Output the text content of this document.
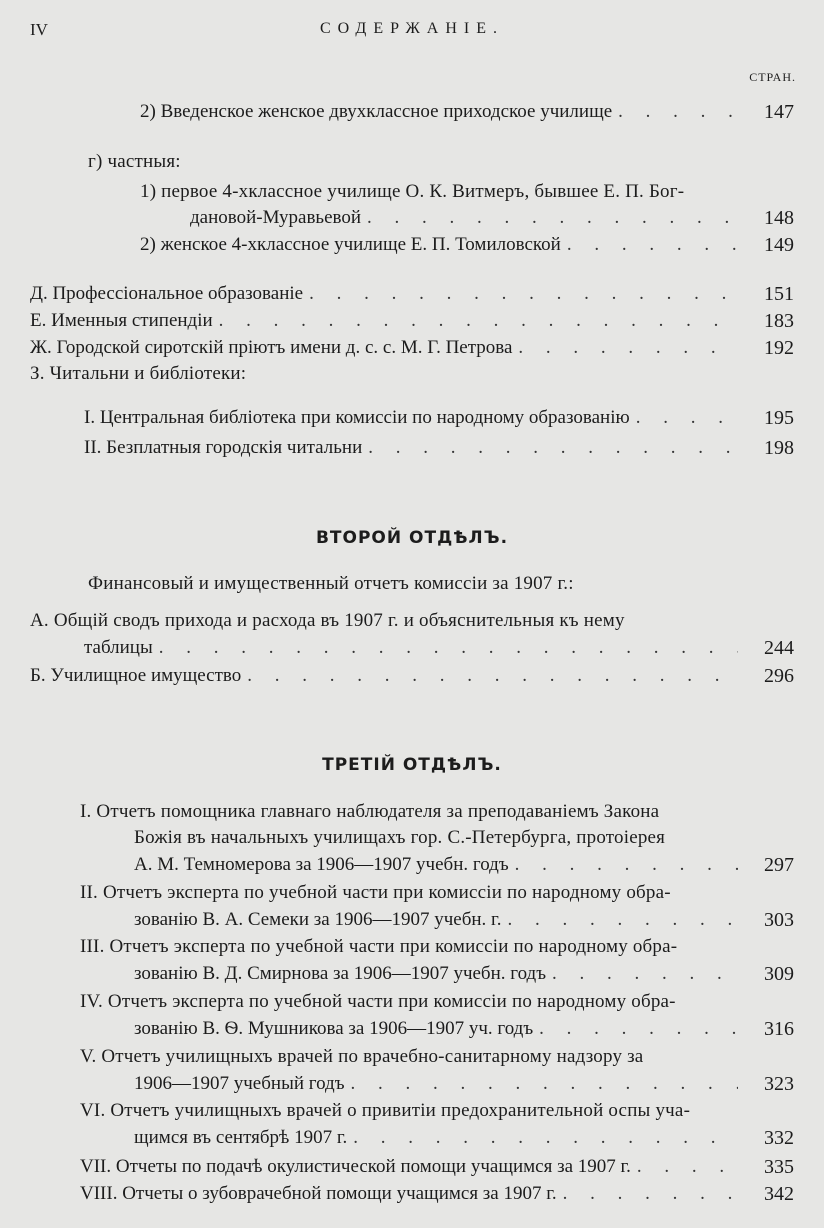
IV	СОДЕРЖАНІЕ.
СТРАН.
2) Введенское женское двухклассное приходское училище . . .	147
г) частныя:
1) первое 4-хклассное училище О. К. Витмеръ, бывшее Е. П. Бог-
дановой-Муравьевой . . .	148
2) женское 4-хклассное училище Е. П. Томиловской . . .	149
Д. Профессіональное образованіе . . .	151
Е. Именныя стипендіи . . .	183
Ж. Городской сиротскій пріютъ имени д. с. с. М. Г. Петрова . . .	192
З. Читальни и библіотеки:
I. Центральная библіотека при комиссіи по народному образованію . . .	195
II. Безплатныя городскія читальни . . .	198
ВТОРОЙ ОТДѢЛЪ.
Финансовый и имущественный отчетъ комиссіи за 1907 г.:
А. Общій сводъ прихода и расхода въ 1907 г. и объяснительныя къ нему
таблицы . . .	244
Б. Училищное имущество . . .	296
ТРЕТІЙ ОТДѢЛЪ.
I. Отчетъ помощника главнаго наблюдателя за преподаваніемъ Закона
Божія въ начальныхъ училищахъ гор. С.-Петербурга, протоіерея
А. М. Темномерова за 1906—1907 учебн. годъ . . .	297
II. Отчетъ эксперта по учебной части при комиссіи по народному обра-
зованію В. А. Семеки за 1906—1907 учебн. г. . . .	303
III. Отчетъ эксперта по учебной части при комиссіи по народному обра-
зованію В. Д. Смирнова за 1906—1907 учебн. годъ . . .	309
IV. Отчетъ эксперта по учебной части при комиссіи по народному обра-
зованію В. Ѳ. Мушникова за 1906—1907 уч. годъ . . .	316
V. Отчетъ училищныхъ врачей по врачебно-санитарному надзору за
1906—1907 учебный годъ . . .	323
VI. Отчетъ училищныхъ врачей о привитіи предохранительной оспы уча-
щимся въ сентябрѣ 1907 г. . . .	332
VII. Отчеты по подачѣ окулистической помощи учащимся за 1907 г. . . .	335
VIII. Отчеты о зубоврачебной помощи учащимся за 1907 г. . . .	342
